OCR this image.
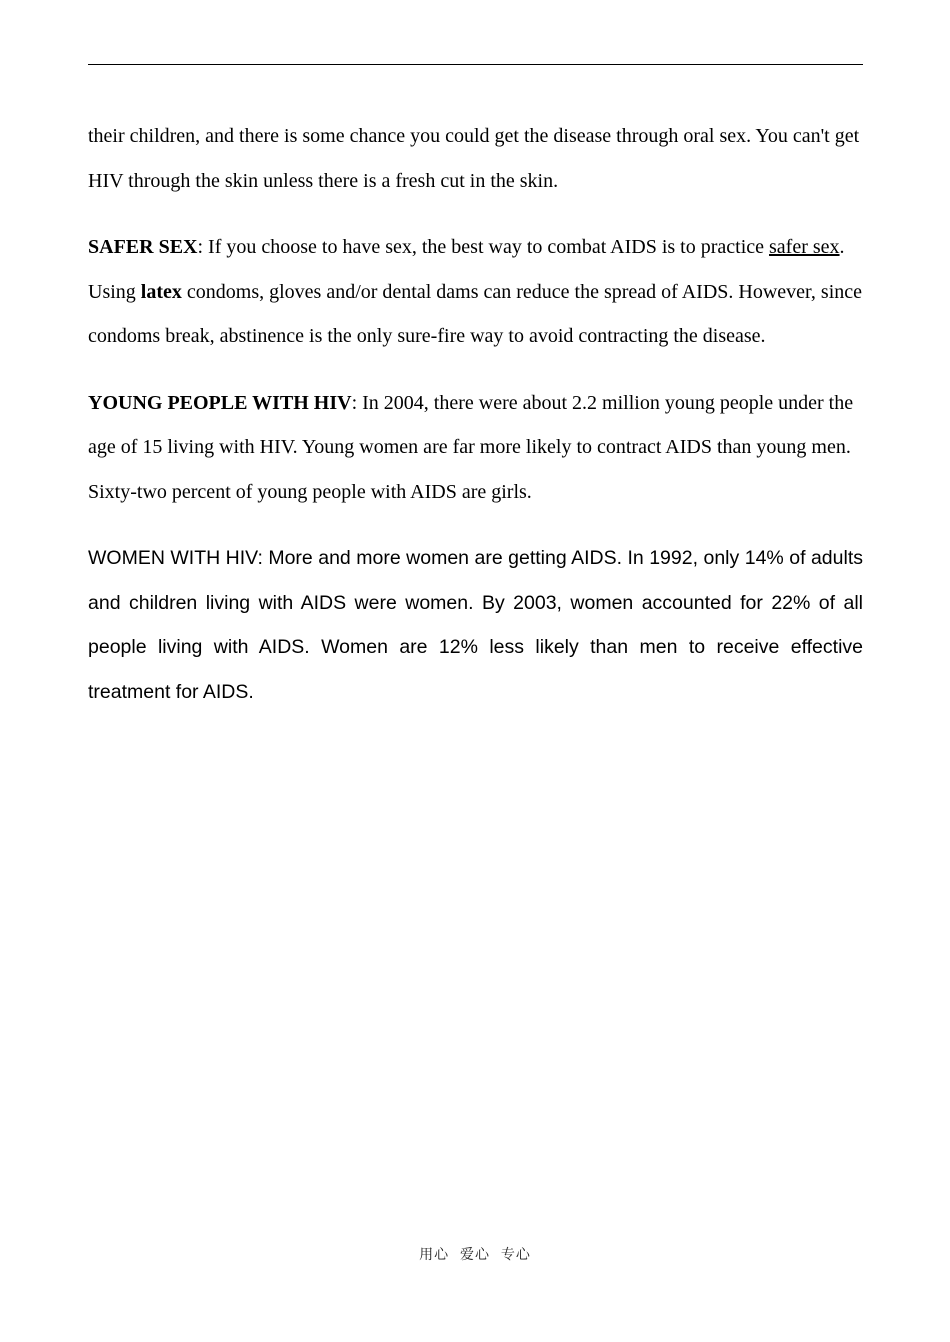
their children, and there is some chance you could get the disease through oral sex. You can't get HIV through the skin unless there is a fresh cut in the skin.

SAFER SEX: If you choose to have sex, the best way to combat AIDS is to practice safer sex. Using latex condoms, gloves and/or dental dams can reduce the spread of AIDS. However, since condoms break, abstinence is the only sure-fire way to avoid contracting the disease.

YOUNG PEOPLE WITH HIV: In 2004, there were about 2.2 million young people under the age of 15 living with HIV. Young women are far more likely to contract AIDS than young men. Sixty-two percent of young people with AIDS are girls.

WOMEN WITH HIV: More and more women are getting AIDS. In 1992, only 14% of adults and children living with AIDS were women. By 2003, women accounted for 22% of all people living with AIDS. Women are 12% less likely than men to receive effective treatment for AIDS.

用心  爱心  专心
